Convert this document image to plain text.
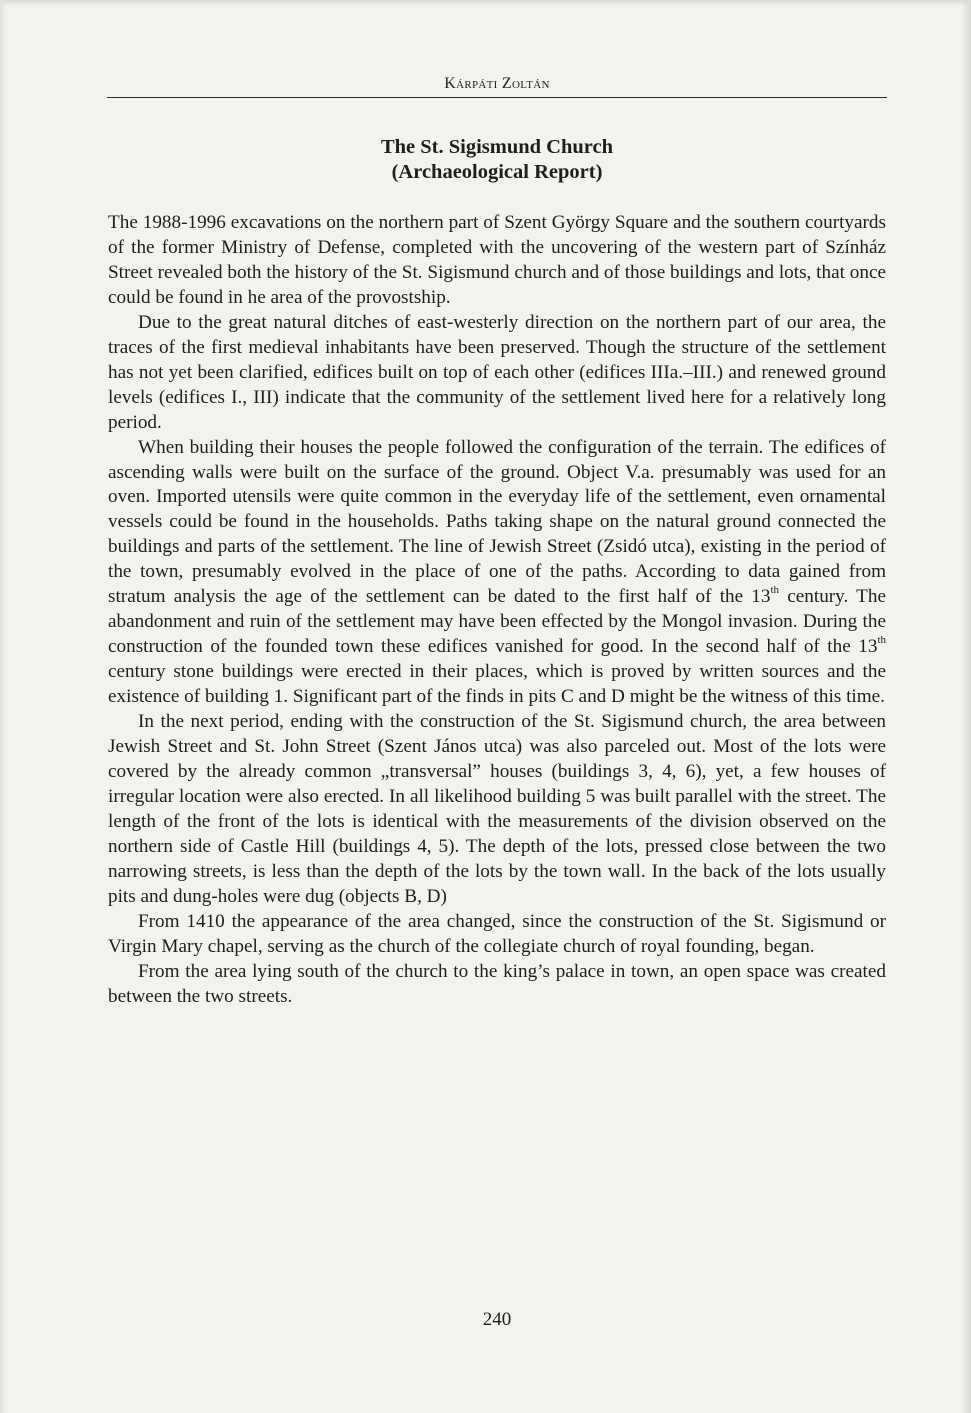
Kárpáti Zoltán
The St. Sigismund Church
(Archaeological Report)

The 1988-1996 excavations on the northern part of Szent György Square and the southern courtyards of the former Ministry of Defense, completed with the uncovering of the western part of Színház Street revealed both the history of the St. Sigismund church and of those buildings and lots, that once could be found in he area of the provostship.

Due to the great natural ditches of east-westerly direction on the northern part of our area, the traces of the first medieval inhabitants have been preserved. Though the structure of the settlement has not yet been clarified, edifices built on top of each other (edifices IIIa.–III.) and renewed ground levels (edifices I., III) indicate that the community of the settlement lived here for a relatively long period.

When building their houses the people followed the configuration of the terrain. The edifices of ascending walls were built on the surface of the ground. Object V.a. presumably was used for an oven. Imported utensils were quite common in the everyday life of the settlement, even ornamental vessels could be found in the households. Paths taking shape on the natural ground connected the buildings and parts of the settlement. The line of Jewish Street (Zsidó utca), existing in the period of the town, presumably evolved in the place of one of the paths. According to data gained from stratum analysis the age of the settlement can be dated to the first half of the 13th century. The abandonment and ruin of the settlement may have been effected by the Mongol invasion. During the construction of the founded town these edifices vanished for good. In the second half of the 13th century stone buildings were erected in their places, which is proved by written sources and the existence of building 1. Significant part of the finds in pits C and D might be the witness of this time.

In the next period, ending with the construction of the St. Sigismund church, the area between Jewish Street and St. John Street (Szent János utca) was also parceled out. Most of the lots were covered by the already common „transversal” houses (buildings 3, 4, 6), yet, a few houses of irregular location were also erected. In all likelihood building 5 was built parallel with the street. The length of the front of the lots is identical with the measurements of the division observed on the northern side of Castle Hill (buildings 4, 5). The depth of the lots, pressed close between the two narrowing streets, is less than the depth of the lots by the town wall. In the back of the lots usually pits and dung-holes were dug (objects B, D)

From 1410 the appearance of the area changed, since the construction of the St. Sigismund or Virgin Mary chapel, serving as the church of the collegiate church of royal founding, began.

From the area lying south of the church to the king’s palace in town, an open space was created between the two streets.

240
